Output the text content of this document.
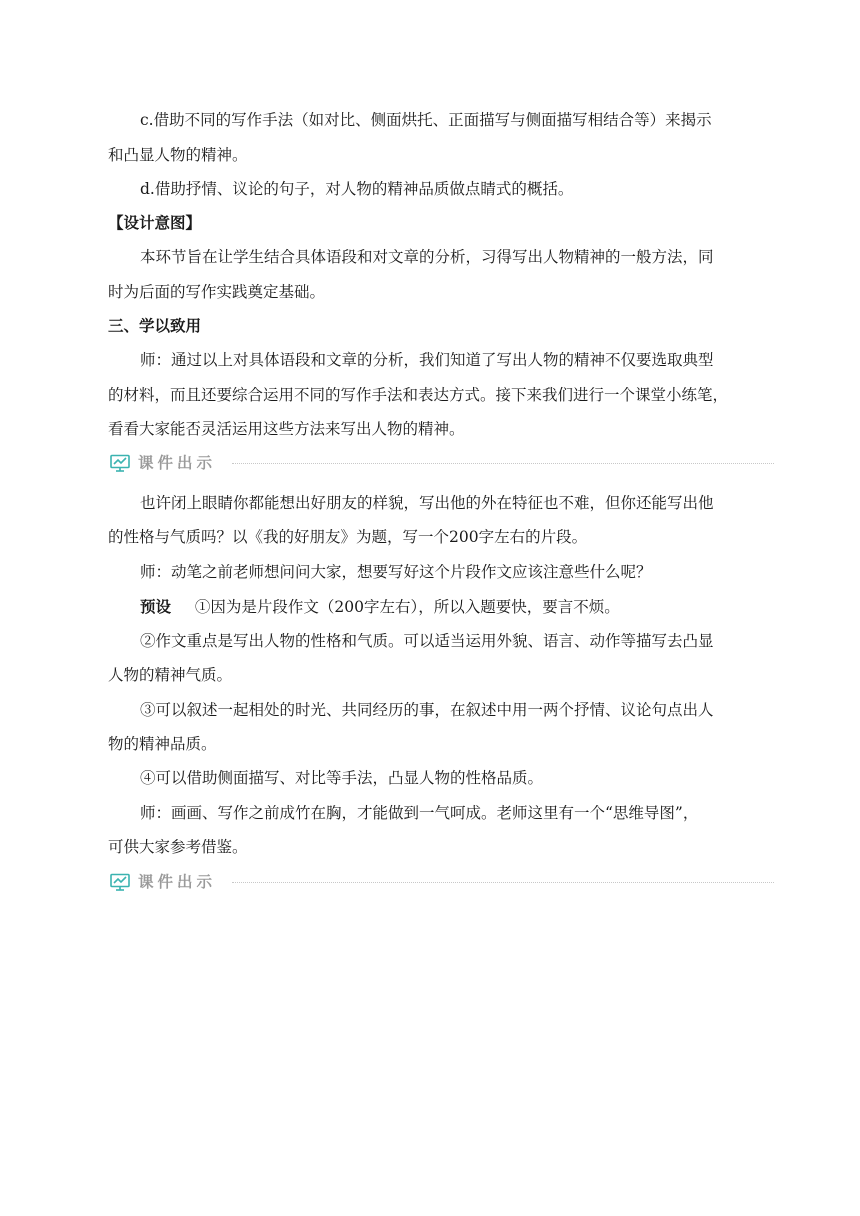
c.借助不同的写作手法（如对比、侧面烘托、正面描写与侧面描写相结合等）来揭示
和凸显人物的精神。
d.借助抒情、议论的句子，对人物的精神品质做点睛式的概括。
【设计意图】
本环节旨在让学生结合具体语段和对文章的分析，习得写出人物精神的一般方法，同
时为后面的写作实践奠定基础。
三、学以致用
师：通过以上对具体语段和文章的分析，我们知道了写出人物的精神不仅要选取典型
的材料，而且还要综合运用不同的写作手法和表达方式。接下来我们进行一个课堂小练笔，
看看大家能否灵活运用这些方法来写出人物的精神。
课件出示
也许闭上眼睛你都能想出好朋友的样貌，写出他的外在特征也不难，但你还能写出他
的性格与气质吗？以《我的好朋友》为题，写一个200字左右的片段。
师：动笔之前老师想问问大家，想要写好这个片段作文应该注意些什么呢？
预设 ①因为是片段作文（200字左右），所以入题要快，要言不烦。
②作文重点是写出人物的性格和气质。可以适当运用外貌、语言、动作等描写去凸显
人物的精神气质。
③可以叙述一起相处的时光、共同经历的事，在叙述中用一两个抒情、议论句点出人
物的精神品质。
④可以借助侧面描写、对比等手法，凸显人物的性格品质。
师：画画、写作之前成竹在胸，才能做到一气呵成。老师这里有一个“思维导图”，
可供大家参考借鉴。
课件出示
